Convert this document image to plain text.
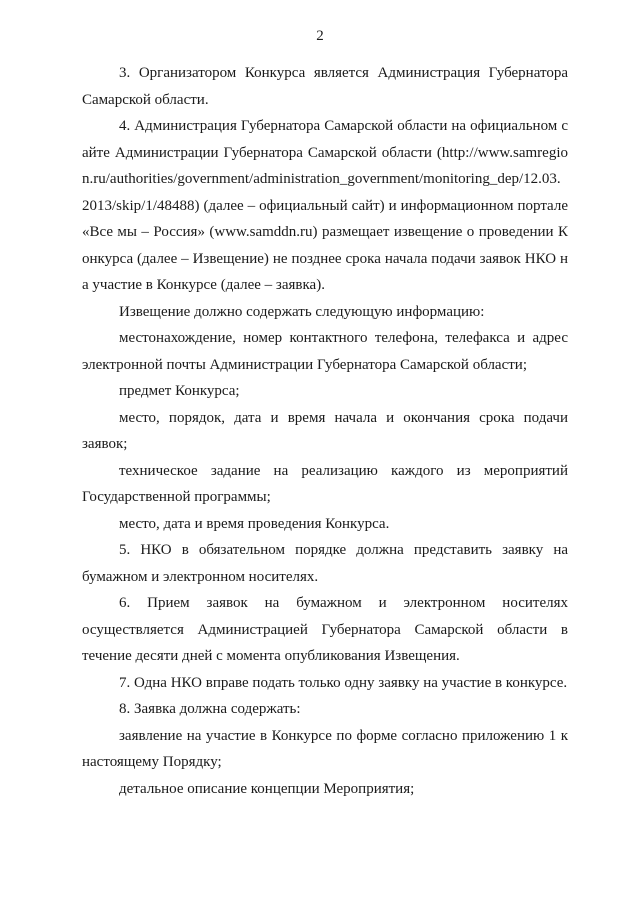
2

3. Организатором Конкурса является Администрация Губернатора Самарской области.

4. Администрация Губернатора Самарской области на официальном сайте Администрации Губернатора Самарской области (http://www.samregion.ru/authorities/government/administration_government/monitoring_dep/12.03.2013/skip/1/48488) (далее – официальный сайт) и информационном портале «Все мы – Россия» (www.samddn.ru) размещает извещение о проведении Конкурса (далее – Извещение) не позднее срока начала подачи заявок НКО на участие в Конкурсе (далее – заявка).

Извещение должно содержать следующую информацию:

местонахождение, номер контактного телефона, телефакса и адрес электронной почты Администрации Губернатора Самарской области;

предмет Конкурса;

место, порядок, дата и время начала и окончания срока подачи заявок;

техническое задание на реализацию каждого из мероприятий Государственной программы;

место, дата и время проведения Конкурса.

5. НКО в обязательном порядке должна представить заявку на бумажном и электронном носителях.

6. Прием заявок на бумажном и электронном носителях осуществляется Администрацией Губернатора Самарской области в течение десяти дней с момента опубликования Извещения.

7. Одна НКО вправе подать только одну заявку на участие в конкурсе.

8. Заявка должна содержать:

заявление на участие в Конкурсе по форме согласно приложению 1 к настоящему Порядку;

детальное описание концепции Мероприятия;
